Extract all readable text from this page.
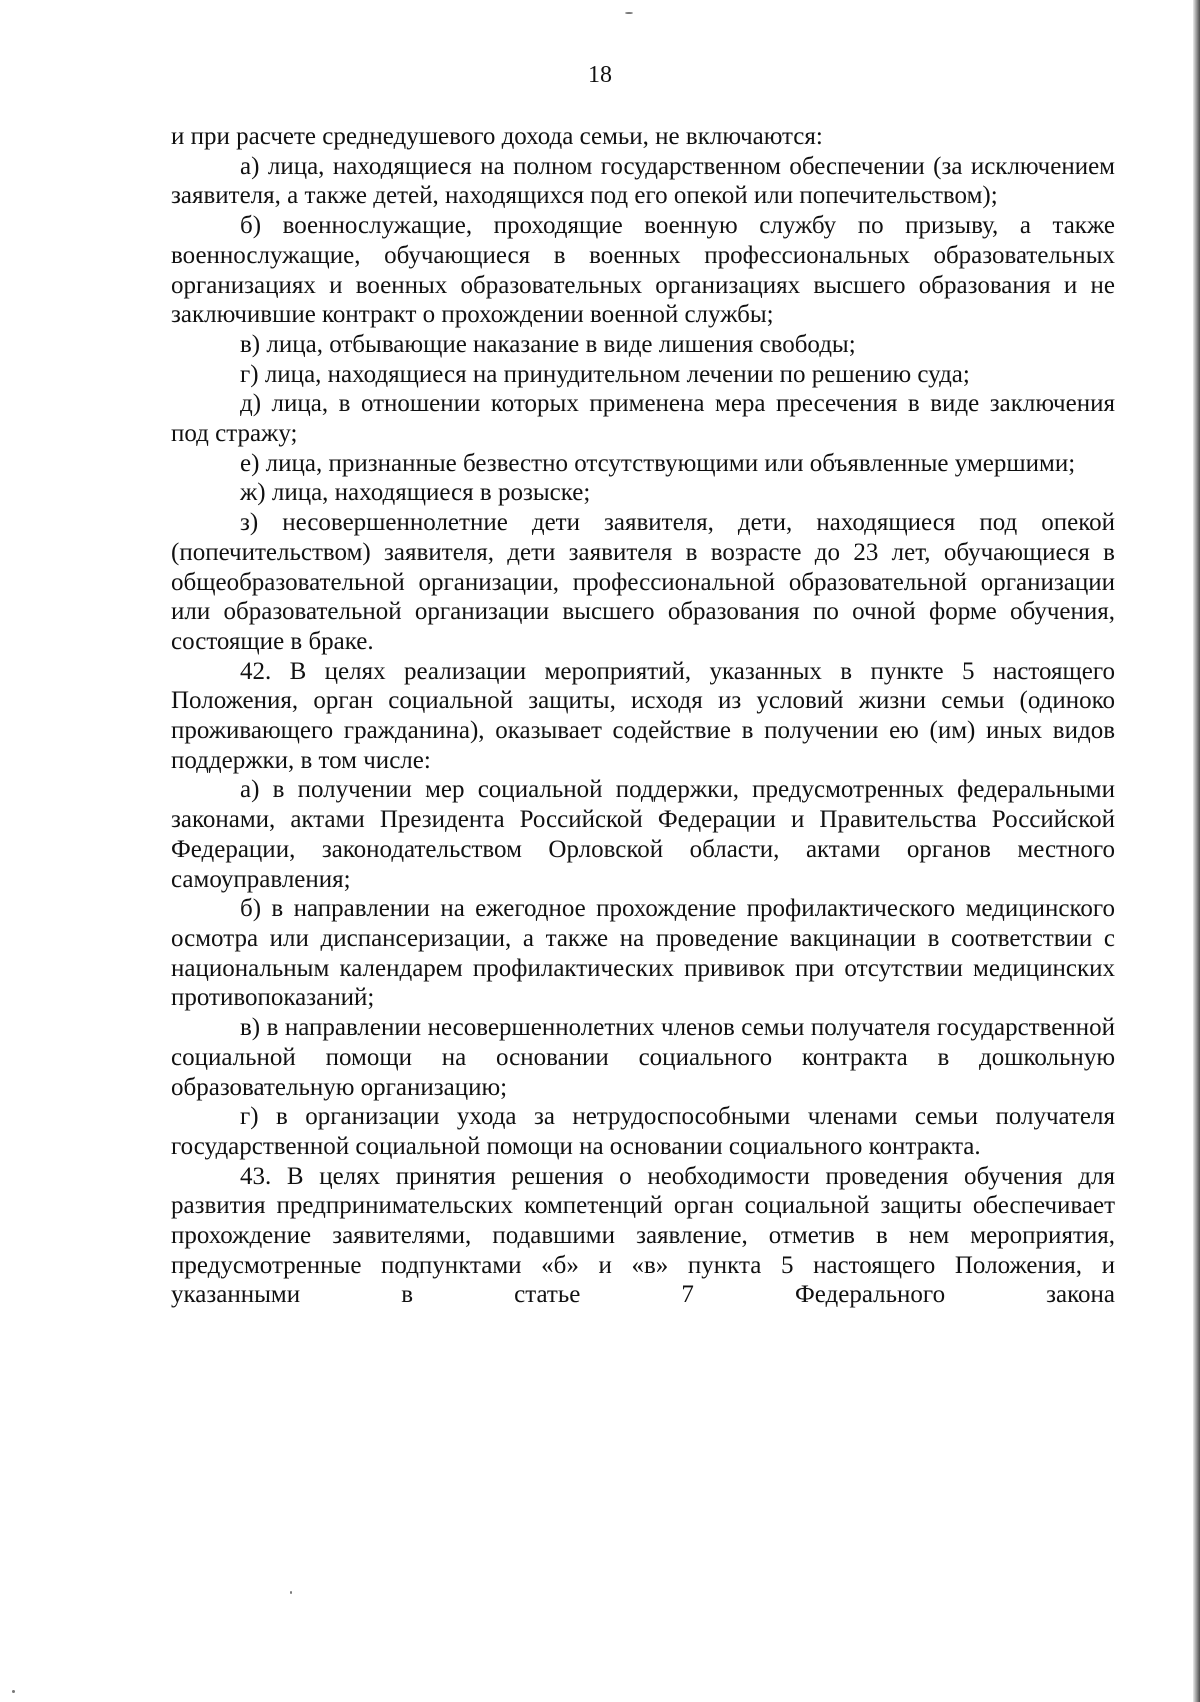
18

и при расчете среднедушевого дохода семьи, не включаются:

а) лица, находящиеся на полном государственном обеспечении (за исключением заявителя, а также детей, находящихся под его опекой или попечительством);

б) военнослужащие, проходящие военную службу по призыву, а также военнослужащие, обучающиеся в военных профессиональных образовательных организациях и военных образовательных организациях высшего образования и не заключившие контракт о прохождении военной службы;

в) лица, отбывающие наказание в виде лишения свободы;

г) лица, находящиеся на принудительном лечении по решению суда;

д) лица, в отношении которых применена мера пресечения в виде заключения под стражу;

е) лица, признанные безвестно отсутствующими или объявленные умершими;

ж) лица, находящиеся в розыске;

з) несовершеннолетние дети заявителя, дети, находящиеся под опекой (попечительством) заявителя, дети заявителя в возрасте до 23 лет, обучающиеся в общеобразовательной организации, профессиональной образовательной организации или образовательной организации высшего образования по очной форме обучения, состоящие в браке.

42. В целях реализации мероприятий, указанных в пункте 5 настоящего Положения, орган социальной защиты, исходя из условий жизни семьи (одиноко проживающего гражданина), оказывает содействие в получении ею (им) иных видов поддержки, в том числе:

а) в получении мер социальной поддержки, предусмотренных федеральными законами, актами Президента Российской Федерации и Правительства Российской Федерации, законодательством Орловской области, актами органов местного самоуправления;

б) в направлении на ежегодное прохождение профилактического медицинского осмотра или диспансеризации, а также на проведение вакцинации в соответствии с национальным календарем профилактических прививок при отсутствии медицинских противопоказаний;

в) в направлении несовершеннолетних членов семьи получателя государственной социальной помощи на основании социального контракта в дошкольную образовательную организацию;

г) в организации ухода за нетрудоспособными членами семьи получателя государственной социальной помощи на основании социального контракта.

43. В целях принятия решения о необходимости проведения обучения для развития предпринимательских компетенций орган социальной защиты обеспечивает прохождение заявителями, подавшими заявление, отметив в нем мероприятия, предусмотренные подпунктами «б» и «в» пункта 5 настоящего Положения, и указанными в статье 7 Федерального закона
